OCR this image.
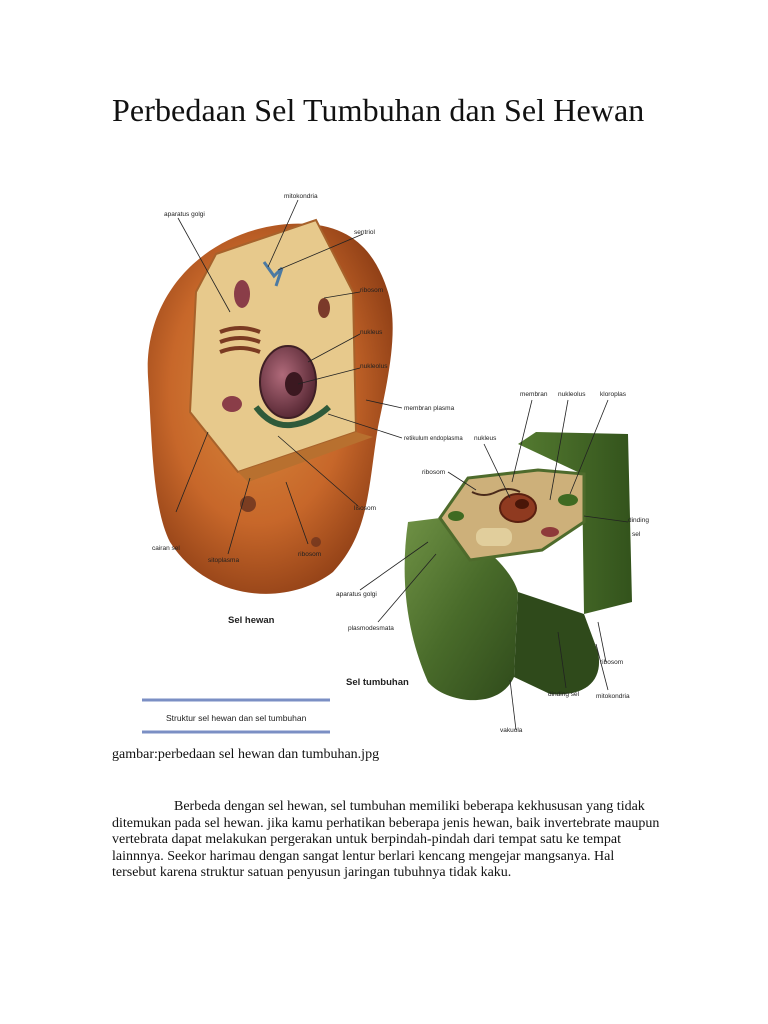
Perbedaan Sel Tumbuhan dan Sel Hewan
aparatus golgi
mitokondria
sentriol
ribosom
nukleus
nukleolus
membran plasma
retikulum endoplasma
lisosom
cairan sel
sitoplasma
ribosom
Sel hewan
membran nukleolus kloroplas
nukleus
ribosom
dinding
sel
aparatus golgi
plasmodesmata
ribosom
dinding sel	mitokondria
vakuola
Sel tumbuhan
Struktur sel hewan dan sel tumbuhan
gambar:perbedaan sel hewan dan tumbuhan.jpg

Berbeda dengan sel hewan, sel tumbuhan memiliki beberapa kekhususan yang tidak ditemukan pada sel hewan. jika kamu perhatikan beberapa jenis hewan, baik invertebrate maupun vertebrata dapat melakukan pergerakan untuk berpindah-pindah dari tempat satu ke tempat lainnnya. Seekor harimau dengan sangat lentur berlari kencang mengejar mangsanya. Hal tersebut karena struktur satuan penyusun jaringan tubuhnya tidak kaku.
